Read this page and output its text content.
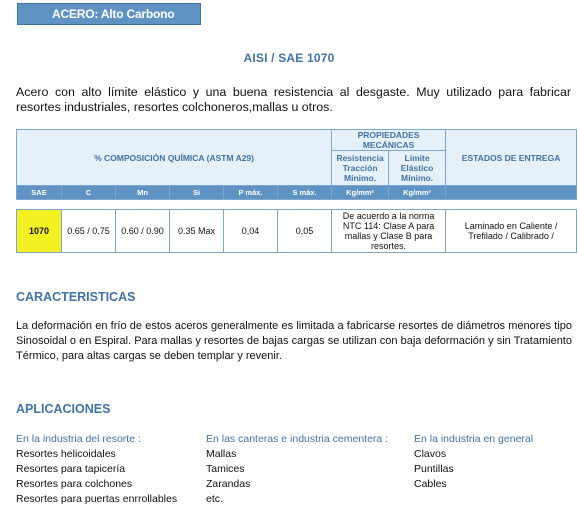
ACERO: Alto Carbono
AISI / SAE 1070
Acero con alto límite elástico y una buena resistencia al desgaste. Muy utilizado para fabricar resortes industriales, resortes colchoneros,mallas u otros.
% COMPOSICIÓN QUÍMICA (ASTM A29)						PROPIEDADES MECÁNICAS		ESTADOS DE ENTREGA
						Resistencia Tracción Mínimo.	Límite Elástico Mínimo.	
SAE	C	Mn	Si	P máx.	S máx.	Kg/mm²	Kg/mm²	

1070	0.65 / 0.75	0.60 / 0.90	0.35 Max	0,04	0,05	De acuerdo a la norma NTC 114: Clase A para mallas y Clase B para resortes.		Laminado en Caliente / Trefilado / Calibrado /
CARACTERISTICAS
La deformación en frío de estos aceros generalmente es limitada a fabricarse resortes de diámetros menores tipo Sinosoidal o en Espiral. Para mallas y resortes de bajas cargas se utilizan con baja deformación y sin Tratamiento Térmico, para altas cargas se deben templar y revenir.
APLICACIONES
En la industria del resorte :
Resortes helicoidales
Resortes para tapicería
Resortes para colchones
Resortes para puertas enrrollables
En las canteras e industria cementera :
Mallas
Tamices
Zarandas
etc.
En la industria en general
Clavos
Puntillas
Cables
